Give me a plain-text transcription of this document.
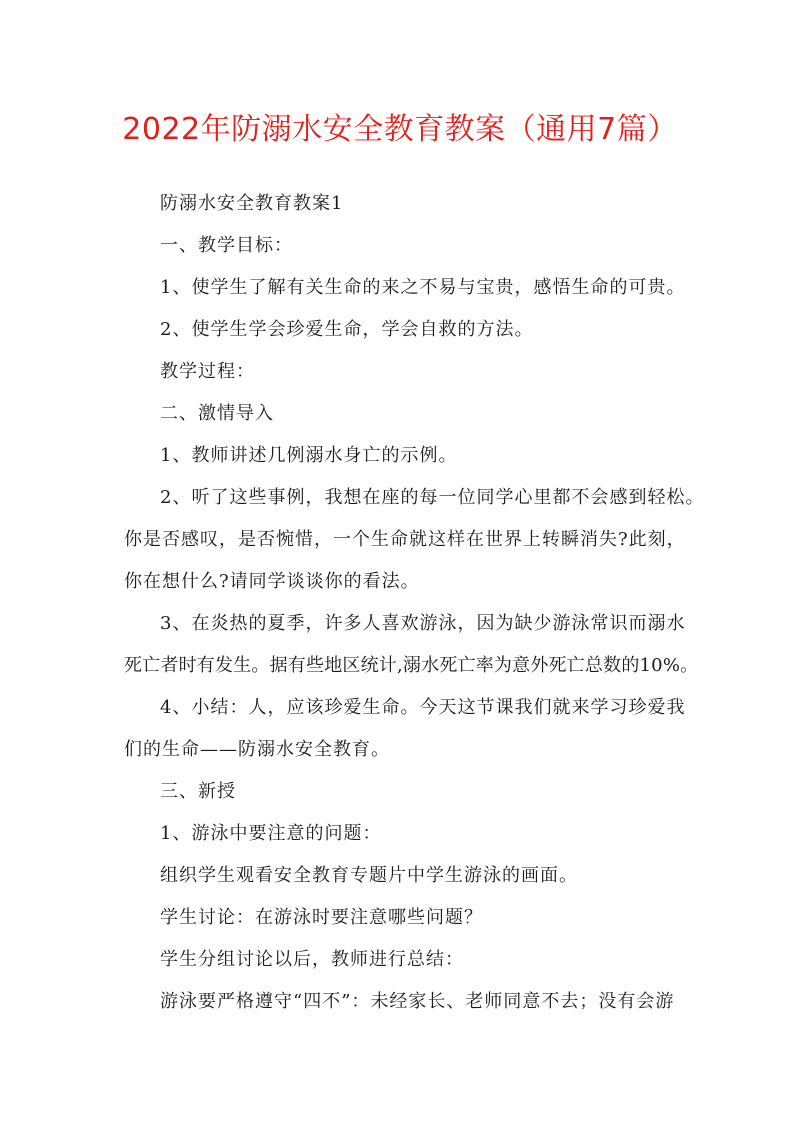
2022年防溺水安全教育教案（通用7篇）
防溺水安全教育教案1
一、教学目标：
1、使学生了解有关生命的来之不易与宝贵，感悟生命的可贵。
2、使学生学会珍爱生命，学会自救的方法。
教学过程：
二、激情导入
1、教师讲述几例溺水身亡的示例。
2、听了这些事例，我想在座的每一位同学心里都不会感到轻松。
你是否感叹，是否惋惜，一个生命就这样在世界上转瞬消失?此刻，
你在想什么?请同学谈谈你的看法。
3、在炎热的夏季，许多人喜欢游泳，因为缺少游泳常识而溺水
死亡者时有发生。据有些地区统计,溺水死亡率为意外死亡总数的10%。
4、小结：人，应该珍爱生命。今天这节课我们就来学习珍爱我
们的生命——防溺水安全教育。
三、新授
1、游泳中要注意的问题：
组织学生观看安全教育专题片中学生游泳的画面。
学生讨论：在游泳时要注意哪些问题？
学生分组讨论以后，教师进行总结：
游泳要严格遵守“四不”：未经家长、老师同意不去；没有会游
